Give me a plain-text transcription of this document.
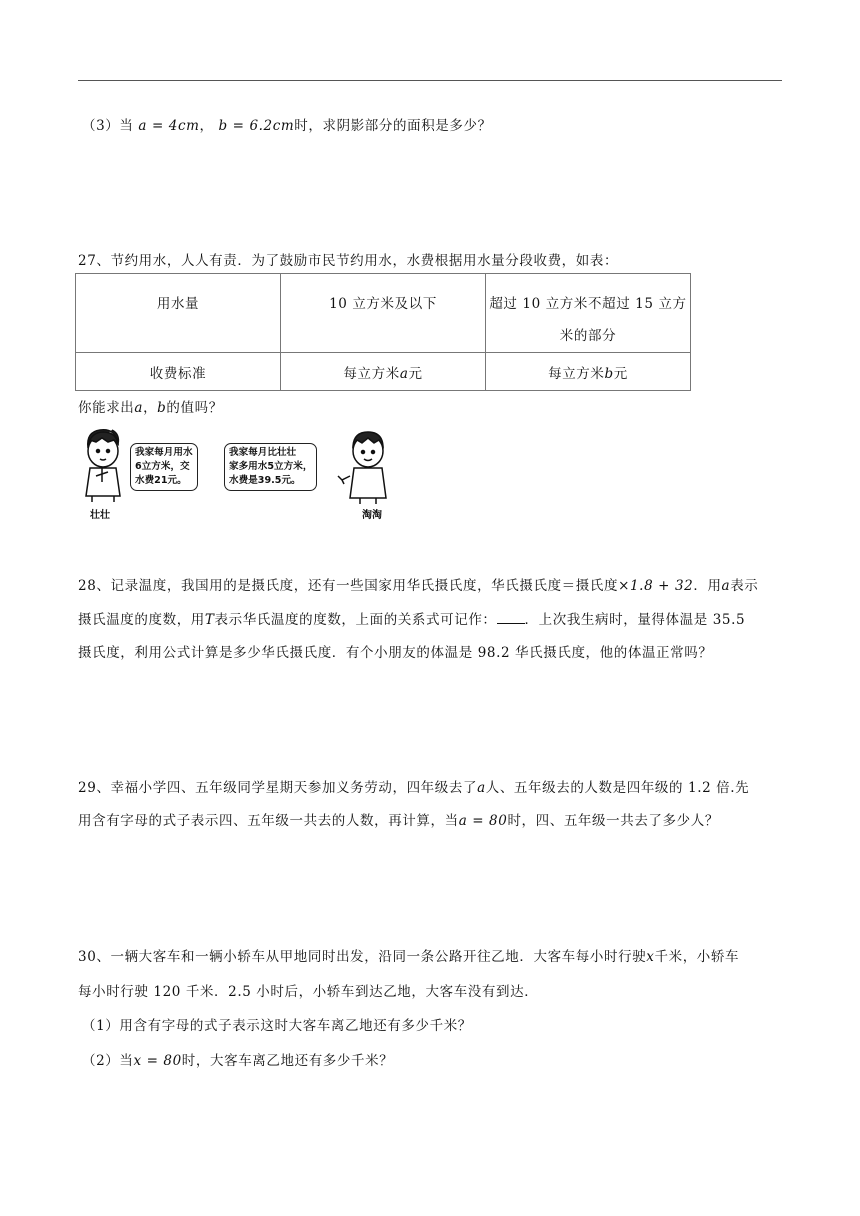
（3）当 a = 4cm， b = 6.2cm时，求阴影部分的面积是多少？
27、节约用水，人人有责．为了鼓励市民节约用水，水费根据用水量分段收费，如表：
用水量	10 立方米及以下	超过 10 立方米不超过 15 立方
米的部分

收费标准	每立方米a元	每立方米b元
你能求出a，b的值吗？
我家每月用水
6立方米，交
水费21元。
我家每月比壮壮
家多用水5立方米，
水费是39.5元。
壮壮	淘淘
28、记录温度，我国用的是摄氏度，还有一些国家用华氏摄氏度，华氏摄氏度＝摄氏度×1.8 + 32．用a表示
摄氏温度的度数，用T表示华氏温度的度数，上面的关系式可记作： ．上次我生病时，量得体温是 35.5
摄氏度，利用公式计算是多少华氏摄氏度．有个小朋友的体温是 98.2 华氏摄氏度，他的体温正常吗？
29、幸福小学四、五年级同学星期天参加义务劳动，四年级去了a人、五年级去的人数是四年级的 1.2 倍.先
用含有字母的式子表示四、五年级一共去的人数，再计算，当a = 80时，四、五年级一共去了多少人？
30、一辆大客车和一辆小轿车从甲地同时出发，沿同一条公路开往乙地．大客车每小时行驶x千米，小轿车
每小时行驶 120 千米．2.5 小时后，小轿车到达乙地，大客车没有到达．
（1）用含有字母的式子表示这时大客车离乙地还有多少千米？
（2）当x = 80时，大客车离乙地还有多少千米？
